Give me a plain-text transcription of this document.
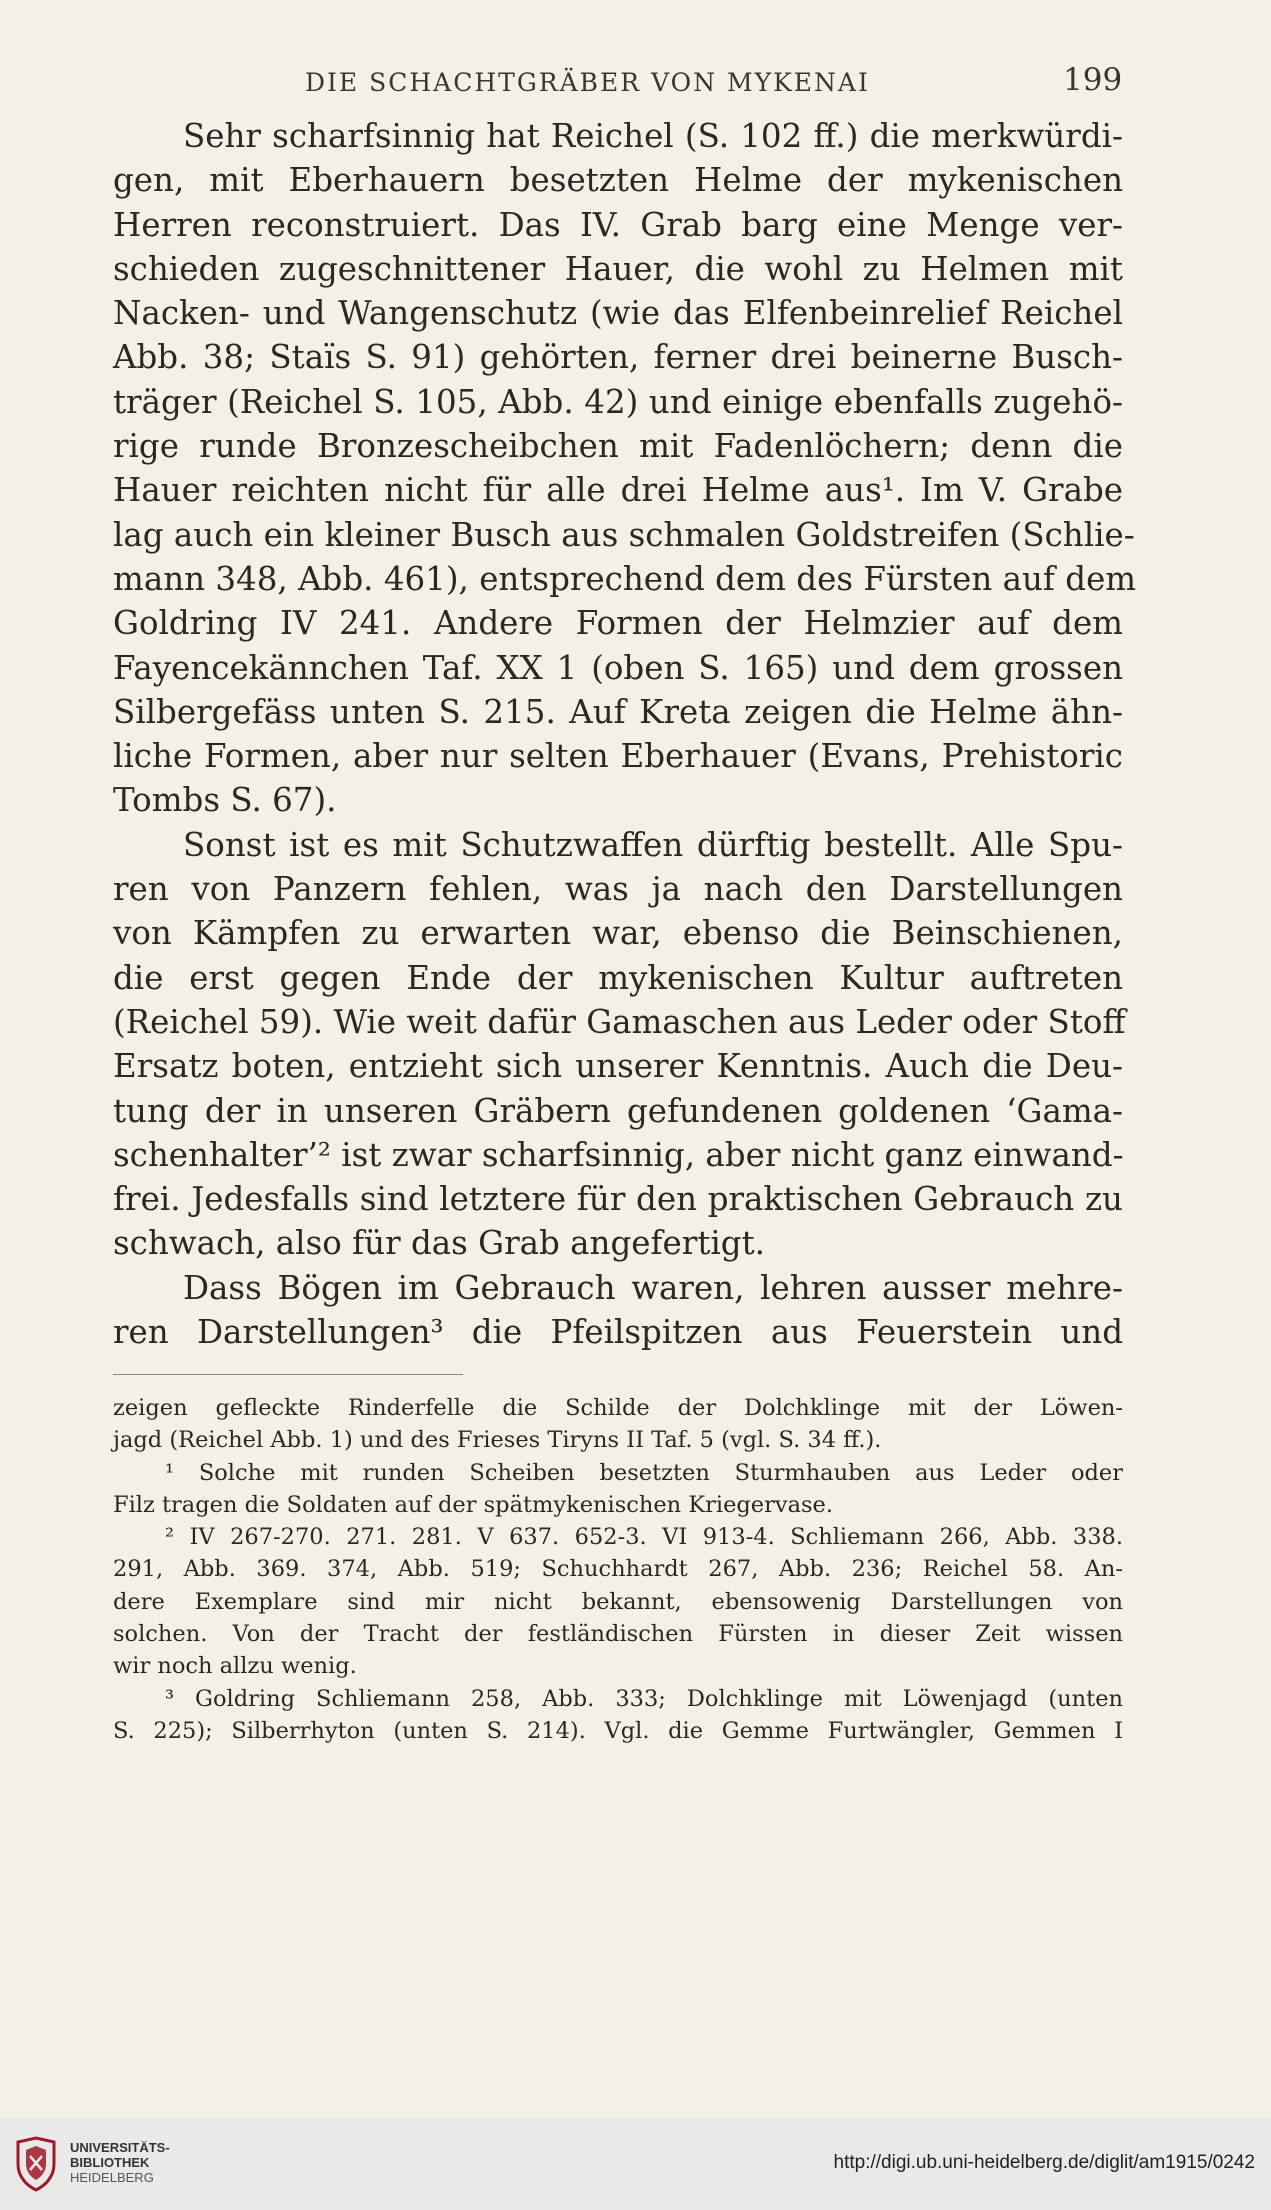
DIE SCHACHTGRÄBER VON MYKENAI	199
Sehr scharfsinnig hat Reichel (S. 102 ff.) die merkwürdi-
gen, mit Eberhauern besetzten Helme der mykenischen
Herren reconstruiert. Das IV. Grab barg eine Menge ver-
schieden zugeschnittener Hauer, die wohl zu Helmen mit
Nacken- und Wangenschutz (wie das Elfenbeinrelief Reichel
Abb. 38; Staïs S. 91) gehörten, ferner drei beinerne Busch-
träger (Reichel S. 105, Abb. 42) und einige ebenfalls zugehö-
rige runde Bronzescheibchen mit Fadenlöchern; denn die
Hauer reichten nicht für alle drei Helme aus¹. Im V. Grabe
lag auch ein kleiner Busch aus schmalen Goldstreifen (Schlie-
mann 348, Abb. 461), entsprechend dem des Fürsten auf dem
Goldring IV 241. Andere Formen der Helmzier auf dem
Fayencekännchen Taf. XX 1 (oben S. 165) und dem grossen
Silbergefäss unten S. 215. Auf Kreta zeigen die Helme ähn-
liche Formen, aber nur selten Eberhauer (Evans, Prehistoric
Tombs S. 67).
Sonst ist es mit Schutzwaffen dürftig bestellt. Alle Spu-
ren von Panzern fehlen, was ja nach den Darstellungen
von Kämpfen zu erwarten war, ebenso die Beinschienen,
die erst gegen Ende der mykenischen Kultur auftreten
(Reichel 59). Wie weit dafür Gamaschen aus Leder oder Stoff
Ersatz boten, entzieht sich unserer Kenntnis. Auch die Deu-
tung der in unseren Gräbern gefundenen goldenen ‘Gama-
schenhalter’² ist zwar scharfsinnig, aber nicht ganz einwand-
frei. Jedesfalls sind letztere für den praktischen Gebrauch zu
schwach, also für das Grab angefertigt.
Dass Bögen im Gebrauch waren, lehren ausser mehre-
ren Darstellungen³ die Pfeilspitzen aus Feuerstein und
zeigen gefleckte Rinderfelle die Schilde der Dolchklinge mit der Löwen-
jagd (Reichel Abb. 1) und des Frieses Tiryns II Taf. 5 (vgl. S. 34 ff.).
¹ Solche mit runden Scheiben besetzten Sturmhauben aus Leder oder
Filz tragen die Soldaten auf der spätmykenischen Kriegervase.
² IV 267-270. 271. 281. V 637. 652-3. VI 913-4. Schliemann 266, Abb. 338.
291, Abb. 369. 374, Abb. 519; Schuchhardt 267, Abb. 236; Reichel 58. An-
dere Exemplare sind mir nicht bekannt, ebensowenig Darstellungen von
solchen. Von der Tracht der festländischen Fürsten in dieser Zeit wissen
wir noch allzu wenig.
³ Goldring Schliemann 258, Abb. 333; Dolchklinge mit Löwenjagd (unten
S. 225); Silberrhyton (unten S. 214). Vgl. die Gemme Furtwängler, Gemmen I
UNIVERSITÄTS-
BIBLIOTHEK
HEIDELBERG
http://digi.ub.uni-heidelberg.de/diglit/am1915/0242
